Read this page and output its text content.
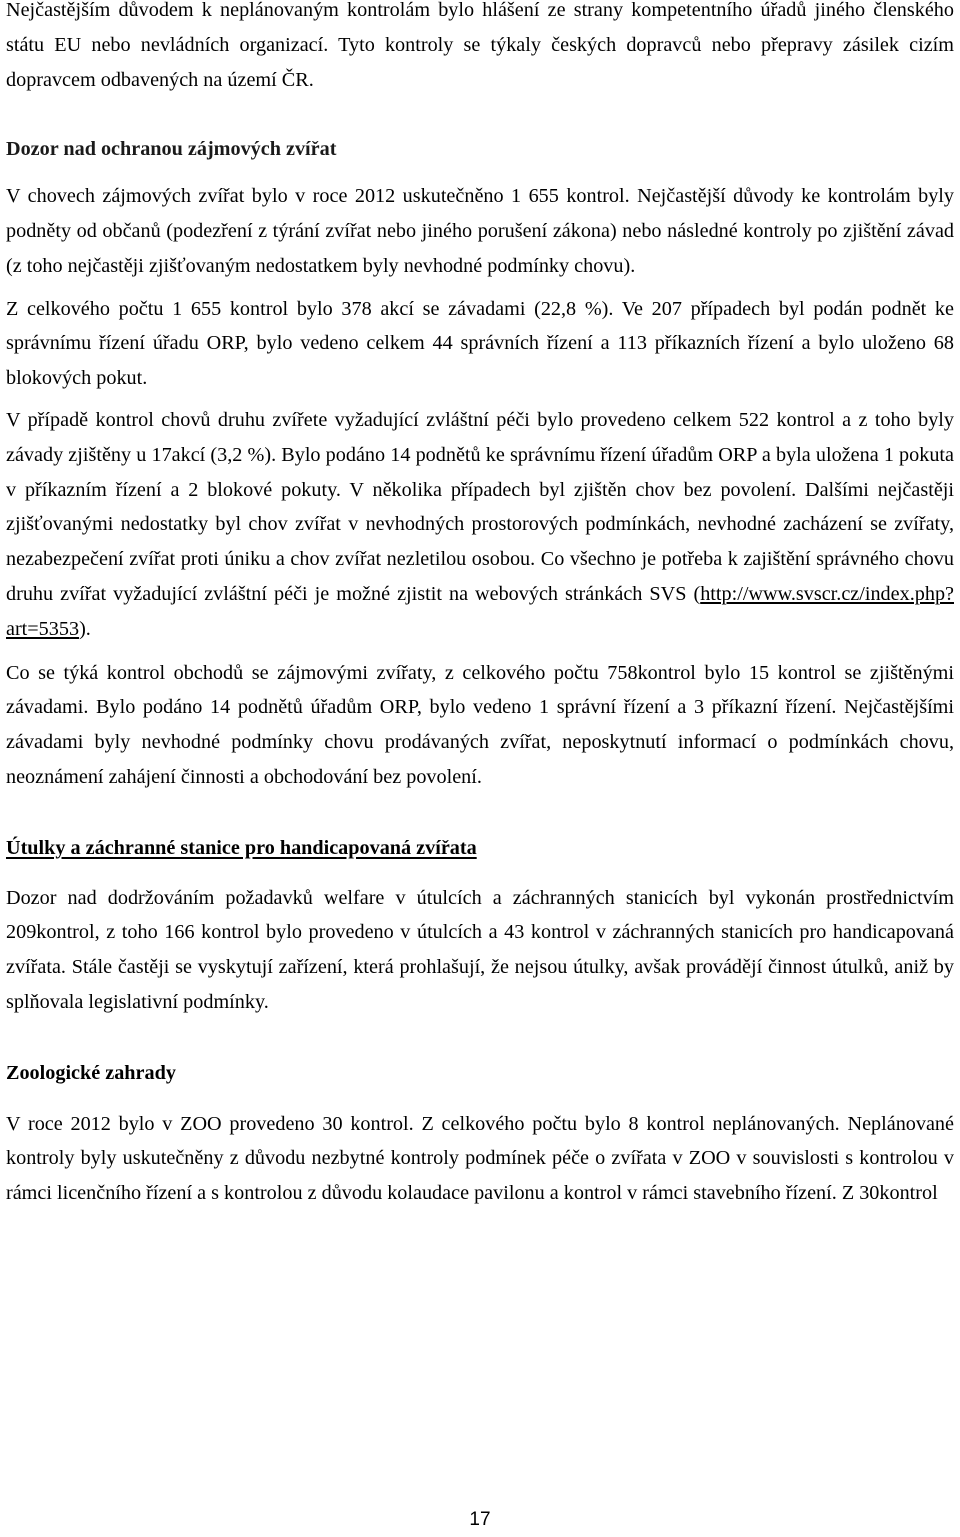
Nejčastějším důvodem k neplánovaným kontrolám bylo hlášení ze strany kompetentního úřadů jiného členského státu EU nebo nevládních organizací. Tyto kontroly se týkaly českých dopravců nebo přepravy zásilek cizím dopravcem odbavených na území ČR.

Dozor nad ochranou zájmových zvířat

V chovech zájmových zvířat bylo v roce 2012 uskutečněno 1 655 kontrol. Nejčastější důvody ke kontrolám byly podněty od občanů (podezření z týrání zvířat nebo jiného porušení zákona) nebo následné kontroly po zjištění závad (z toho nejčastěji zjišťovaným nedostatkem byly nevhodné podmínky chovu).

Z celkového počtu 1 655 kontrol bylo 378 akcí se závadami (22,8 %). Ve 207 případech byl podán podnět ke správnímu řízení úřadu ORP, bylo vedeno celkem 44 správních řízení a 113 příkazních řízení a bylo uloženo 68 blokových pokut.

V případě kontrol chovů druhu zvířete vyžadující zvláštní péči bylo provedeno celkem 522 kontrol a z toho byly závady zjištěny u 17akcí (3,2 %). Bylo podáno 14 podnětů ke správnímu řízení úřadům ORP a byla uložena 1 pokuta v příkazním řízení a 2 blokové pokuty. V několika případech byl zjištěn chov bez povolení. Dalšími nejčastěji zjišťovanými nedostatky byl chov zvířat v nevhodných prostorových podmínkách, nevhodné zacházení se zvířaty, nezabezpečení zvířat proti úniku a chov zvířat nezletilou osobou. Co všechno je potřeba k zajištění správného chovu druhu zvířat vyžadující zvláštní péči je možné zjistit na webových stránkách SVS (http://www.svscr.cz/index.php?art=5353).

Co se týká kontrol obchodů se zájmovými zvířaty, z celkového počtu 758kontrol bylo 15 kontrol se zjištěnými závadami. Bylo podáno 14 podnětů úřadům ORP, bylo vedeno 1 správní řízení a 3 příkazní řízení. Nejčastějšími závadami byly nevhodné podmínky chovu prodávaných zvířat, neposkytnutí informací o podmínkách chovu, neoznámení zahájení činnosti a obchodování bez povolení.

Útulky a záchranné stanice pro handicapovaná zvířata

Dozor nad dodržováním požadavků welfare v útulcích a záchranných stanicích byl vykonán prostřednictvím 209kontrol, z toho 166 kontrol bylo provedeno v útulcích a 43 kontrol v záchranných stanicích pro handicapovaná zvířata. Stále častěji se vyskytují zařízení, která prohlašují, že nejsou útulky, avšak provádějí činnost útulků, aniž by splňovala legislativní podmínky.

Zoologické zahrady

V roce 2012 bylo v ZOO provedeno 30 kontrol. Z celkového počtu bylo 8 kontrol neplánovaných. Neplánované kontroly byly uskutečněny z důvodu nezbytné kontroly podmínek péče o zvířata v ZOO v souvislosti s kontrolou v rámci licenčního řízení a s kontrolou z důvodu kolaudace pavilonu a kontrol v rámci stavebního řízení. Z 30kontrol

17
